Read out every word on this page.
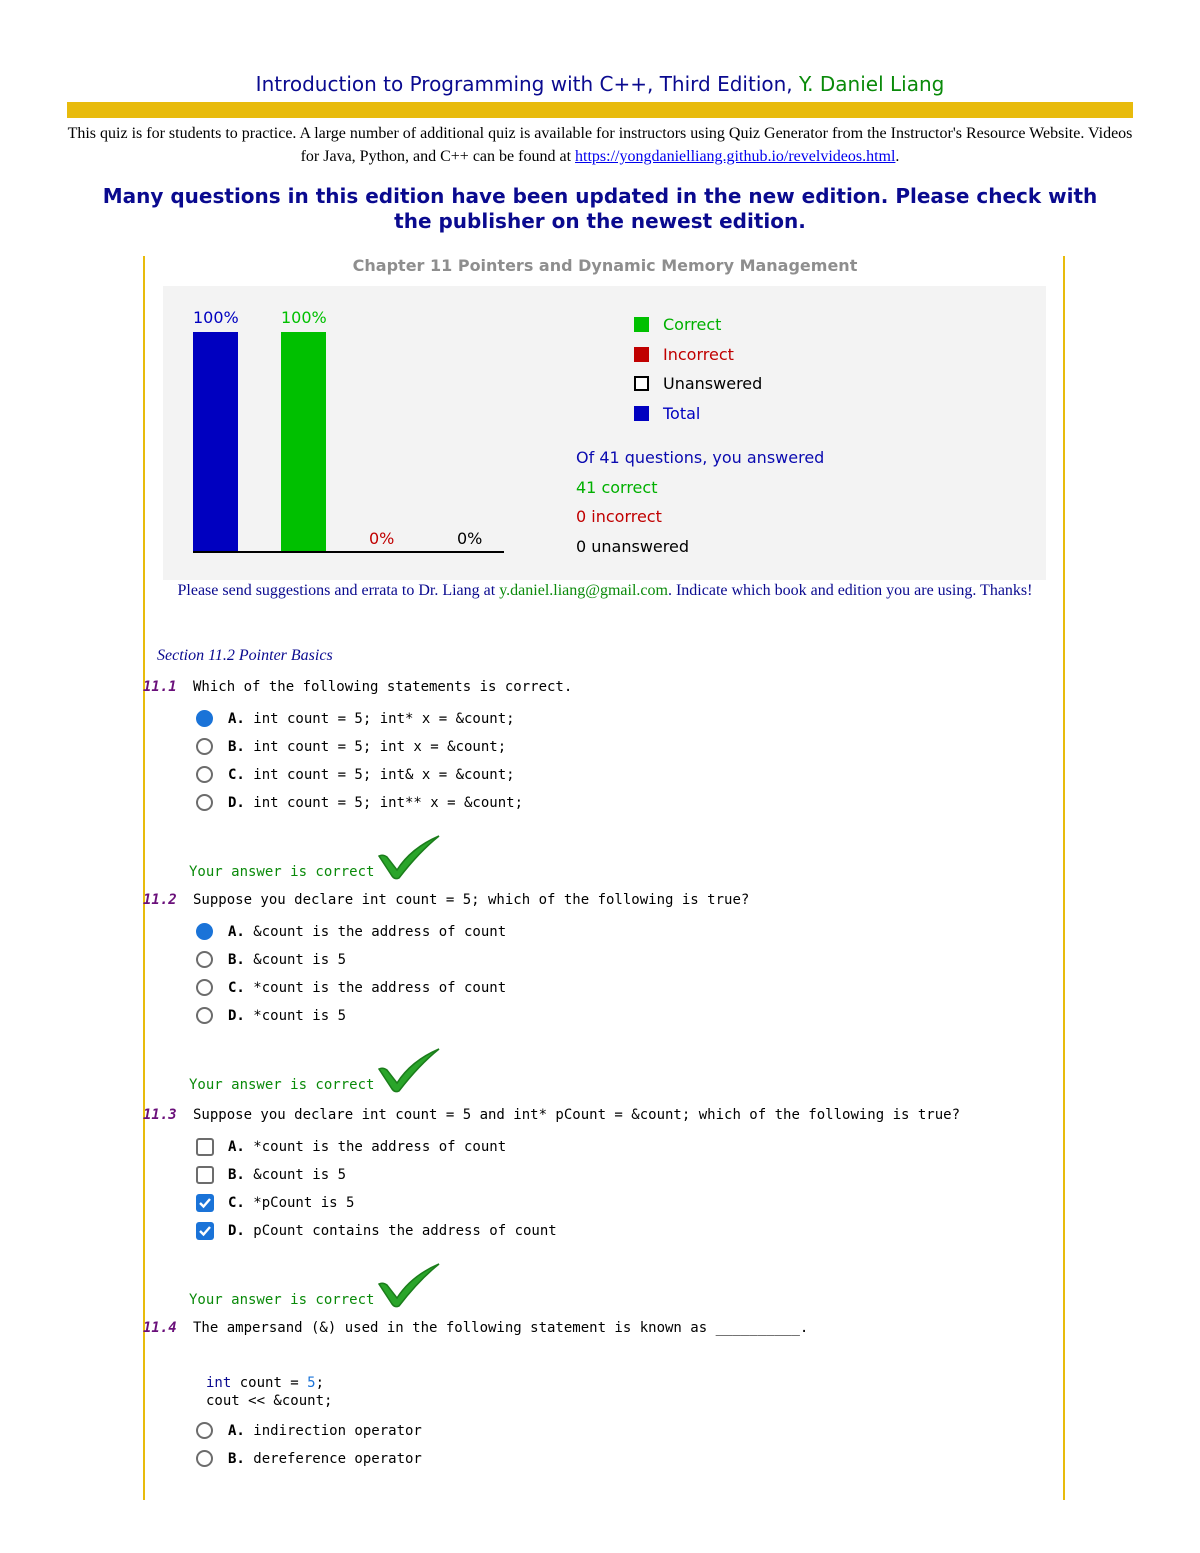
Introduction to Programming with C++, Third Edition, Y. Daniel Liang
This quiz is for students to practice. A large number of additional quiz is available for instructors using Quiz Generator from the Instructor's Resource Website. Videos for Java, Python, and C++ can be found at https://yongdanielliang.github.io/revelvideos.html.
Many questions in this edition have been updated in the new edition. Please check with the publisher on the newest edition.
Chapter 11 Pointers and Dynamic Memory Management
100%	100%
0%	0%
Correct
Incorrect
Unanswered
Total
Of 41 questions, you answered
41 correct
0 incorrect
0 unanswered
Please send suggestions and errata to Dr. Liang at y.daniel.liang@gmail.com. Indicate which book and edition you are using. Thanks!
Section 11.2 Pointer Basics
11.1 Which of the following statements is correct.
A. int count = 5; int* x = &count;
B. int count = 5; int x = &count;
C. int count = 5; int& x = &count;
D. int count = 5; int** x = &count;
Your answer is correct
11.2 Suppose you declare int count = 5; which of the following is true?
A. &count is the address of count
B. &count is 5
C. *count is the address of count
D. *count is 5
Your answer is correct
11.3 Suppose you declare int count = 5 and int* pCount = &count; which of the following is true?
A. *count is the address of count
B. &count is 5
C. *pCount is 5
D. pCount contains the address of count
Your answer is correct
11.4 The ampersand (&) used in the following statement is known as __________.
int count = 5;
cout << &count;
A. indirection operator
B. dereference operator
